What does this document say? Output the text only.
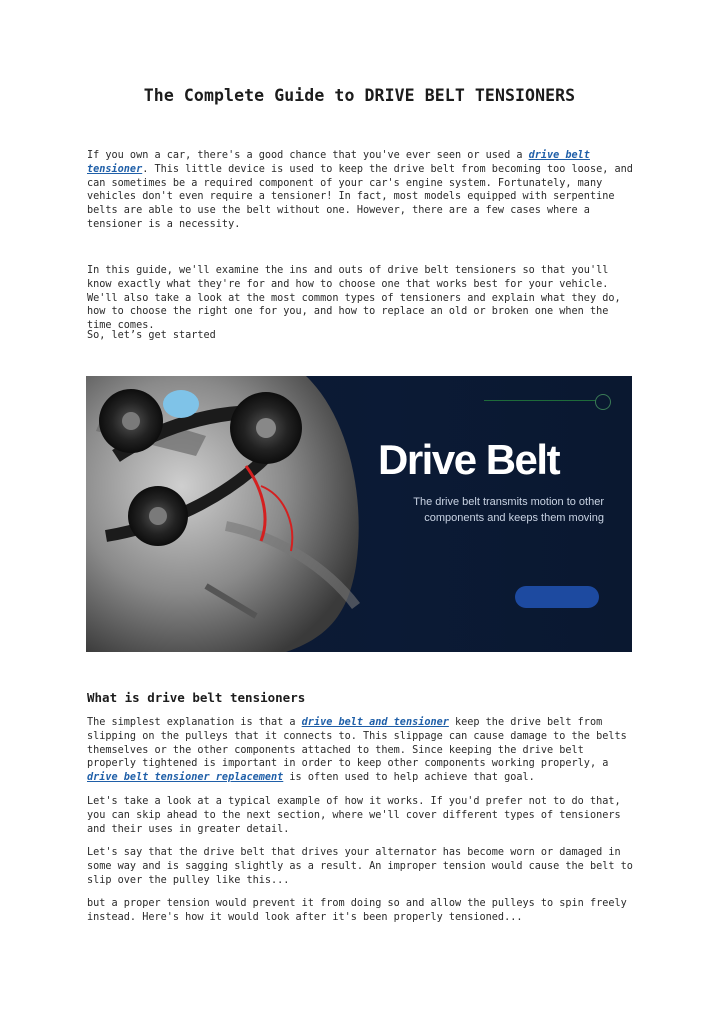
The Complete Guide to DRIVE BELT TENSIONERS

If you own a car, there's a good chance that you've ever seen or used a drive belt tensioner. This little device is used to keep the drive belt from becoming too loose, and can sometimes be a required component of your car's engine system. Fortunately, many vehicles don't even require a tensioner! In fact, most models equipped with serpentine belts are able to use the belt without one. However, there are a few cases where a tensioner is a necessity.

In this guide, we'll examine the ins and outs of drive belt tensioners so that you'll know exactly what they're for and how to choose one that works best for your vehicle. We'll also take a look at the most common types of tensioners and explain what they do, how to choose the right one for you, and how to replace an old or broken one when the time comes.

So, let’s get started

Drive Belt
The drive belt transmits motion to other components and keeps them moving
What is drive belt tensioners

The simplest explanation is that a drive belt and tensioner keep the drive belt from slipping on the pulleys that it connects to. This slippage can cause damage to the belts themselves or the other components attached to them. Since keeping the drive belt properly tightened is important in order to keep other components working properly, a drive belt tensioner replacement is often used to help achieve that goal.

Let's take a look at a typical example of how it works. If you'd prefer not to do that, you can skip ahead to the next section, where we'll cover different types of tensioners and their uses in greater detail.

Let's say that the drive belt that drives your alternator has become worn or damaged in some way and is sagging slightly as a result. An improper tension would cause the belt to slip over the pulley like this...

but a proper tension would prevent it from doing so and allow the pulleys to spin freely instead. Here's how it would look after it's been properly tensioned...
